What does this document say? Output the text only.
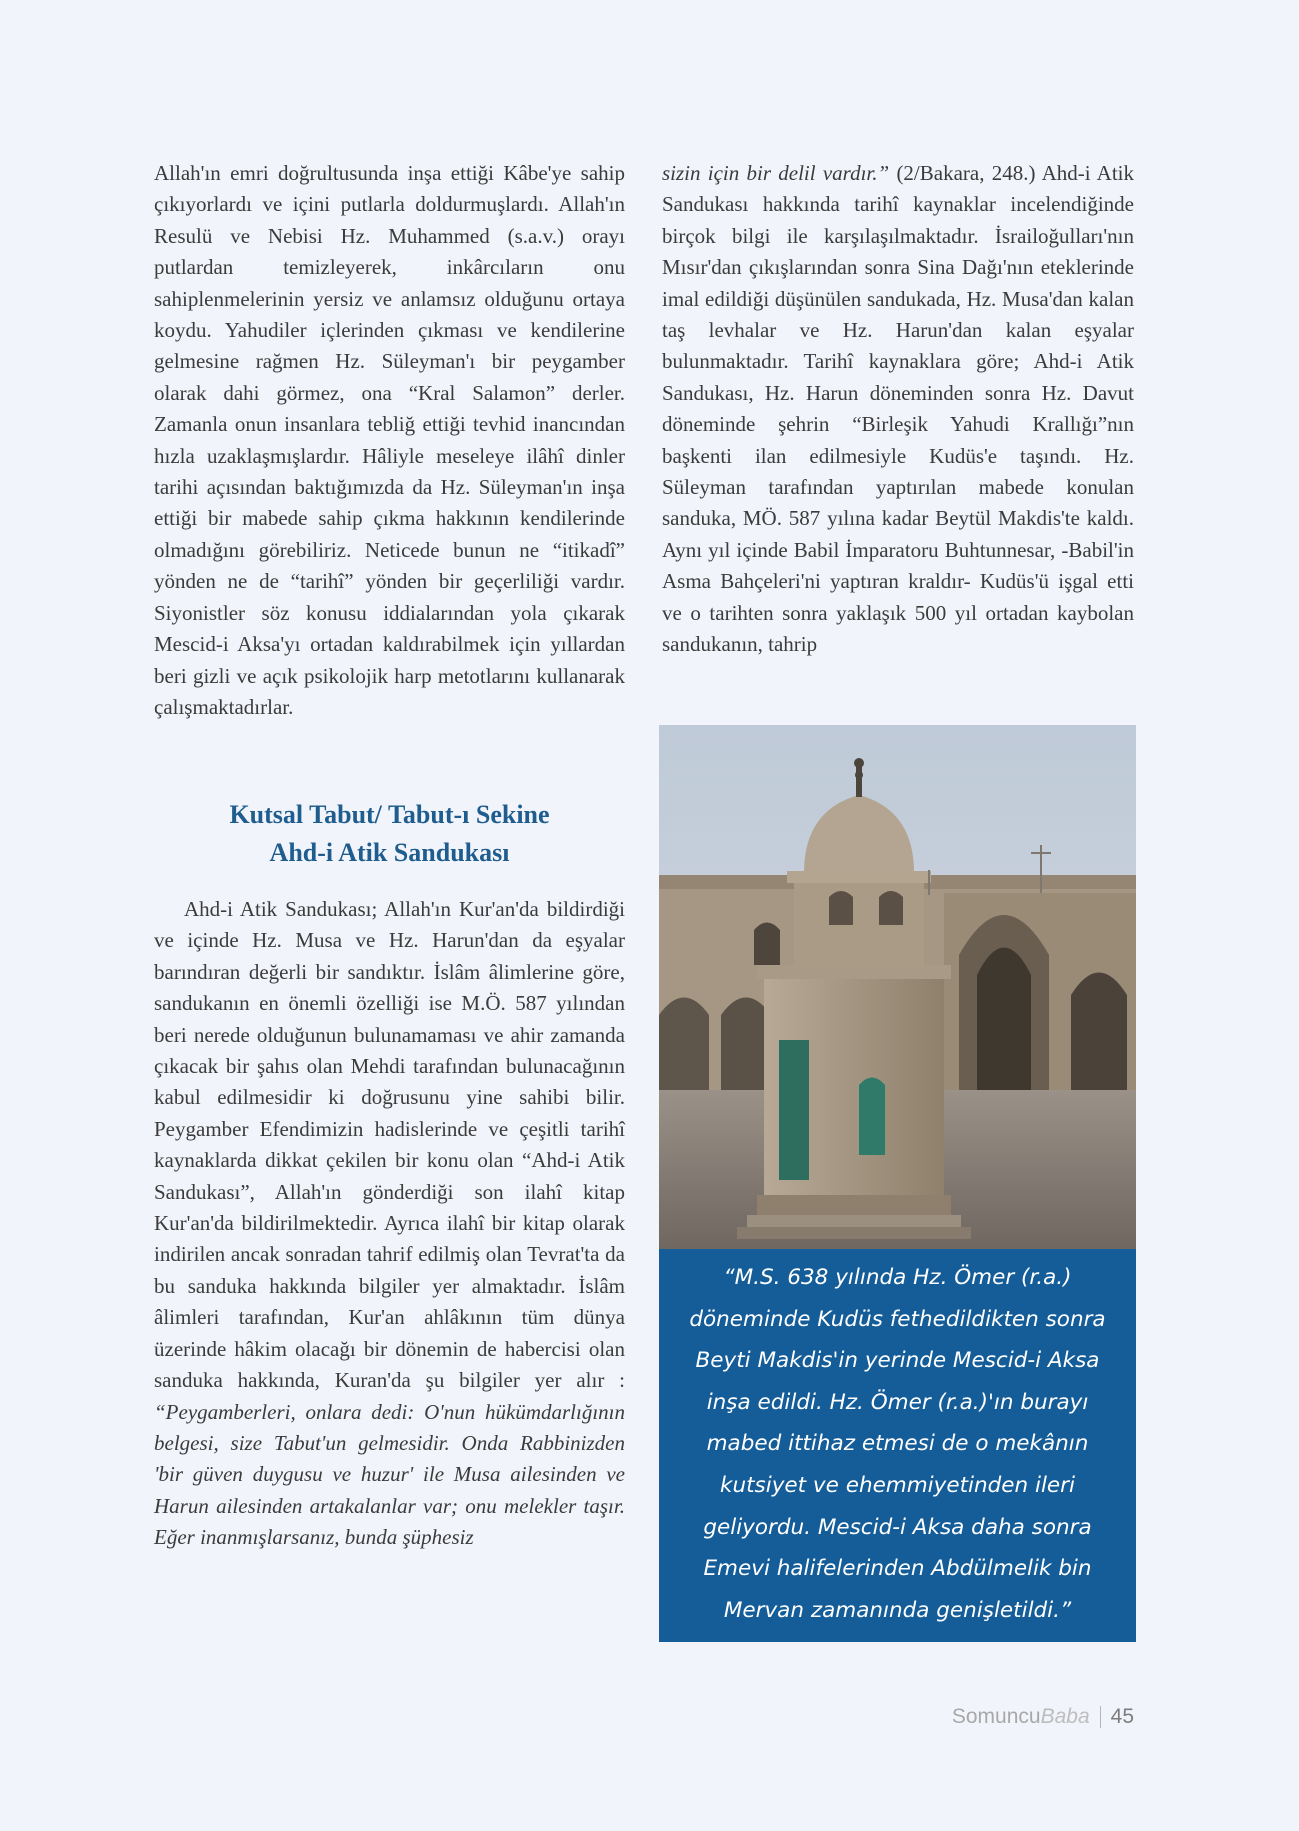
Allah'ın emri doğrultusunda inşa ettiği Kâbe'ye sahip çıkıyorlardı ve içini putlarla doldurmuşlardı. Allah'ın Resulü ve Nebisi Hz. Muhammed (s.a.v.) orayı putlardan temizleyerek, inkârcıların onu sahiplenmelerinin yersiz ve anlamsız olduğunu ortaya koydu. Yahudiler içlerinden çıkması ve kendilerine gelmesine rağmen Hz. Süleyman'ı bir peygamber olarak dahi görmez, ona “Kral Salamon” derler. Zamanla onun insanlara tebliğ ettiği tevhid inancından hızla uzaklaşmışlardır. Hâliyle meseleye ilâhî dinler tarihi açısından baktığımızda da Hz. Süleyman'ın inşa ettiği bir mabede sahip çıkma hakkının kendilerinde olmadığını görebiliriz. Neticede bunun ne “itikadî” yönden ne de “tarihî” yönden bir geçerliliği vardır. Siyonistler söz konusu iddialarından yola çıkarak Mescid-i Aksa'yı ortadan kaldırabilmek için yıllardan beri gizli ve açık psikolojik harp metotlarını kullanarak çalışmaktadırlar.

Kutsal Tabut/ Tabut-ı Sekine
Ahd-i Atik Sandukası

Ahd-i Atik Sandukası; Allah'ın Kur'an'da bildirdiği ve içinde Hz. Musa ve Hz. Harun'dan da eşyalar barındıran değerli bir sandıktır. İslâm âlimlerine göre, sandukanın en önemli özelliği ise M.Ö. 587 yılından beri nerede olduğunun bulunamaması ve ahir zamanda çıkacak bir şahıs olan Mehdi tarafından bulunacağının kabul edilmesidir ki doğrusunu yine sahibi bilir. Peygamber Efendimizin hadislerinde ve çeşitli tarihî kaynaklarda dikkat çekilen bir konu olan “Ahd-i Atik Sandukası”, Allah'ın gönderdiği son ilahî kitap Kur'an'da bildirilmektedir. Ayrıca ilahî bir kitap olarak indirilen ancak sonradan tahrif edilmiş olan Tevrat'ta da bu sanduka hakkında bilgiler yer almaktadır. İslâm âlimleri tarafından, Kur'an ahlâkının tüm dünya üzerinde hâkim olacağı bir dönemin de habercisi olan sanduka hakkında, Kuran'da şu bilgiler yer alır : “Peygamberleri, onlara dedi: O'nun hükümdarlığının belgesi, size Tabut'un gelmesidir. Onda Rabbinizden 'bir güven duygusu ve huzur' ile Musa ailesinden ve Harun ailesinden artakalanlar var; onu melekler taşır. Eğer inanmışlarsanız, bunda şüphesiz

sizin için bir delil vardır.” (2/Bakara, 248.) Ahd-i Atik Sandukası hakkında tarihî kaynaklar incelendiğinde birçok bilgi ile karşılaşılmaktadır. İsrailoğulları'nın Mısır'dan çıkışlarından sonra Sina Dağı'nın eteklerinde imal edildiği düşünülen sandukada, Hz. Musa'dan kalan taş levhalar ve Hz. Harun'dan kalan eşyalar bulunmaktadır. Tarihî kaynaklara göre; Ahd-i Atik Sandukası, Hz. Harun döneminden sonra Hz. Davut döneminde şehrin “Birleşik Yahudi Krallığı”nın başkenti ilan edilmesiyle Kudüs'e taşındı. Hz. Süleyman tarafından yaptırılan mabede konulan sanduka, MÖ. 587 yılına kadar Beytül Makdis'te kaldı. Aynı yıl içinde Babil İmparatoru Buhtunnesar, -Babil'in Asma Bahçeleri'ni yaptıran kraldır- Kudüs'ü işgal etti ve o tarihten sonra yaklaşık 500 yıl ortadan kaybolan sandukanın, tahrip

“M.S. 638 yılında Hz. Ömer (r.a.)
döneminde Kudüs fethedildikten sonra
Beyti Makdis'in yerinde Mescid-i Aksa
inşa edildi. Hz. Ömer (r.a.)'ın burayı
mabed ittihaz etmesi de o mekânın
kutsiyet ve ehemmiyetinden ileri
geliyordu. Mescid-i Aksa daha sonra
Emevi halifelerinden Abdülmelik bin
Mervan zamanında genişletildi.”
Somuncu Baba 45
